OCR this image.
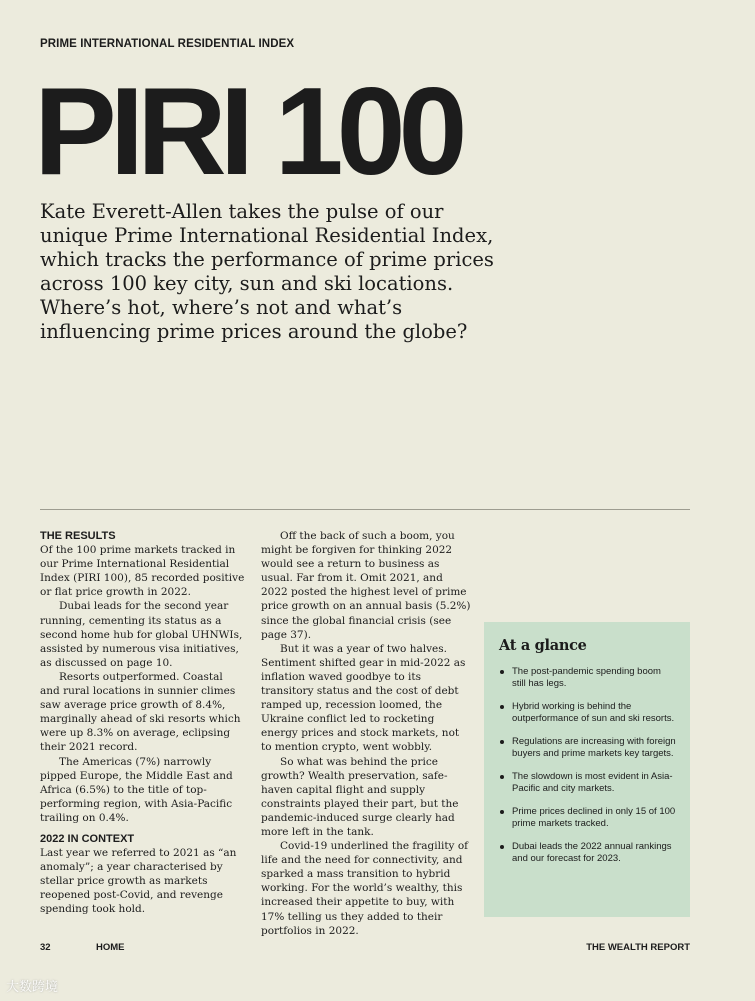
PRIME INTERNATIONAL RESIDENTIAL INDEX
PIRI 100

Kate Everett-Allen takes the pulse of our unique Prime International Residential Index, which tracks the performance of prime prices across 100 key city, sun and ski locations. Where’s hot, where’s not and what’s influencing prime prices around the globe?

THE RESULTS

Of the 100 prime markets tracked in our Prime International Residential Index (PIRI 100), 85 recorded positive or flat price growth in 2022.

Dubai leads for the second year running, cementing its status as a second home hub for global UHNWIs, assisted by numerous visa initiatives, as discussed on page 10.

Resorts outperformed. Coastal and rural locations in sunnier climes saw average price growth of 8.4%, marginally ahead of ski resorts which were up 8.3% on average, eclipsing their 2021 record.

The Americas (7%) narrowly pipped Europe, the Middle East and Africa (6.5%) to the title of top-performing region, with Asia-Pacific trailing on 0.4%.

2022 IN CONTEXT

Last year we referred to 2021 as “an anomaly”; a year characterised by stellar price growth as markets reopened post-Covid, and revenge spending took hold.

Off the back of such a boom, you might be forgiven for thinking 2022 would see a return to business as usual. Far from it. Omit 2021, and 2022 posted the highest level of prime price growth on an annual basis (5.2%) since the global financial crisis (see page 37).

But it was a year of two halves. Sentiment shifted gear in mid-2022 as inflation waved goodbye to its transitory status and the cost of debt ramped up, recession loomed, the Ukraine conflict led to rocketing energy prices and stock markets, not to mention crypto, went wobbly.

So what was behind the price growth? Wealth preservation, safe-haven capital flight and supply constraints played their part, but the pandemic-induced surge clearly had more left in the tank.

Covid-19 underlined the fragility of life and the need for connectivity, and sparked a mass transition to hybrid working. For the world’s wealthy, this increased their appetite to buy, with 17% telling us they added to their portfolios in 2022.

At a glance
The post-pandemic spending boom still has legs.
Hybrid working is behind the outperformance of sun and ski resorts.
Regulations are increasing with foreign buyers and prime markets key targets.
The slowdown is most evident in Asia-Pacific and city markets.
Prime prices declined in only 15 of 100 prime markets tracked.
Dubai leads the 2022 annual rankings and our forecast for 2023.
32	HOME	THE WEALTH REPORT
大数跨境
